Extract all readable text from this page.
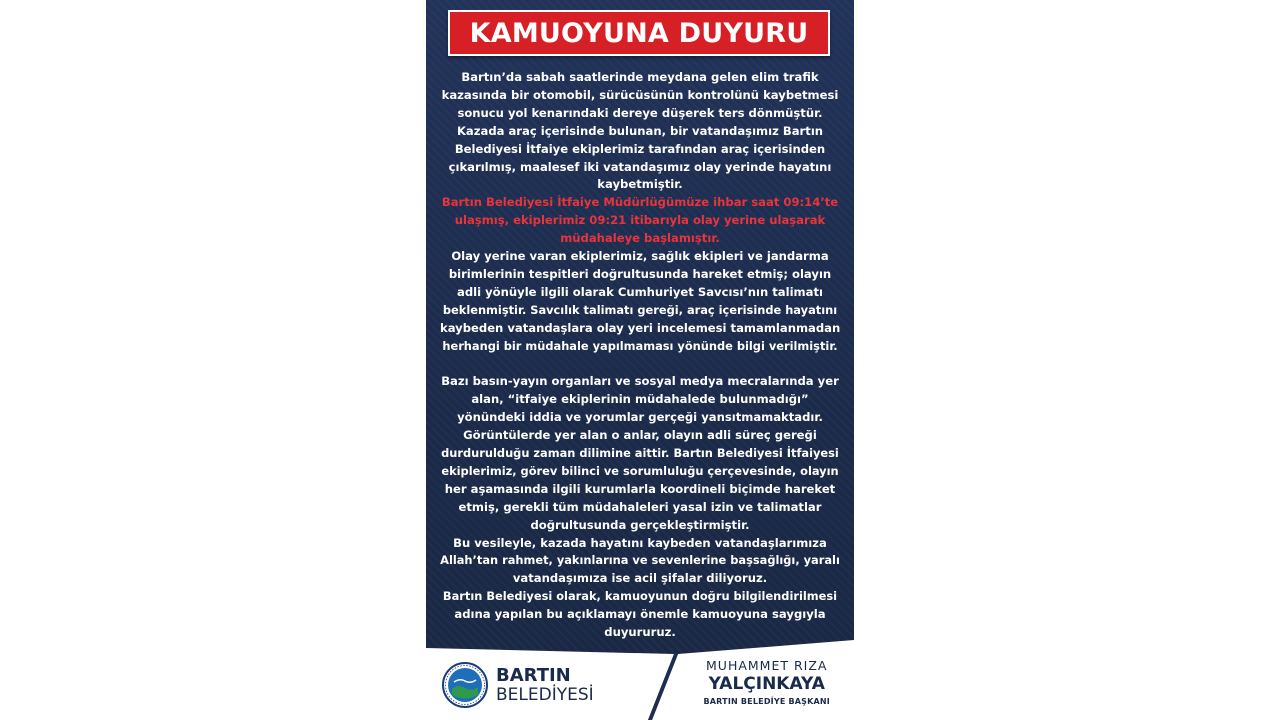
KAMUOYUNA DUYURU

Bartın’da sabah saatlerinde meydana gelen elim trafik

kazasında bir otomobil, sürücüsünün kontrolünü kaybetmesi

sonucu yol kenarındaki dereye düşerek ters dönmüştür.

Kazada araç içerisinde bulunan, bir vatandaşımız Bartın

Belediyesi İtfaiye ekiplerimiz tarafından araç içerisinden

çıkarılmış, maalesef iki vatandaşımız olay yerinde hayatını

kaybetmiştir.

Bartın Belediyesi İtfaiye Müdürlüğümüze ihbar saat 09:14’te

ulaşmış, ekiplerimiz 09:21 itibarıyla olay yerine ulaşarak

müdahaleye başlamıştır.

Olay yerine varan ekiplerimiz, sağlık ekipleri ve jandarma

birimlerinin tespitleri doğrultusunda hareket etmiş; olayın

adli yönüyle ilgili olarak Cumhuriyet Savcısı’nın talimatı

beklenmiştir. Savcılık talimatı gereği, araç içerisinde hayatını

kaybeden vatandaşlara olay yeri incelemesi tamamlanmadan

herhangi bir müdahale yapılmaması yönünde bilgi verilmiştir.

Bazı basın-yayın organları ve sosyal medya mecralarında yer

alan, “itfaiye ekiplerinin müdahalede bulunmadığı”

yönündeki iddia ve yorumlar gerçeği yansıtmamaktadır.

Görüntülerde yer alan o anlar, olayın adli süreç gereği

durdurulduğu zaman dilimine aittir. Bartın Belediyesi İtfaiyesi

ekiplerimiz, görev bilinci ve sorumluluğu çerçevesinde, olayın

her aşamasında ilgili kurumlarla koordineli biçimde hareket

etmiş, gerekli tüm müdahaleleri yasal izin ve talimatlar

doğrultusunda gerçekleştirmiştir.

Bu vesileyle, kazada hayatını kaybeden vatandaşlarımıza

Allah’tan rahmet, yakınlarına ve sevenlerine başsağlığı, yaralı

vatandaşımıza ise acil şifalar diliyoruz.

Bartın Belediyesi olarak, kamuoyunun doğru bilgilendirilmesi

adına yapılan bu açıklamayı önemle kamuoyuna saygıyla

duyururuz.

BARTIN
BELEDİYESİ
MUHAMMET RIZA
YALÇINKAYA
BARTIN BELEDİYE BAŞKANI
